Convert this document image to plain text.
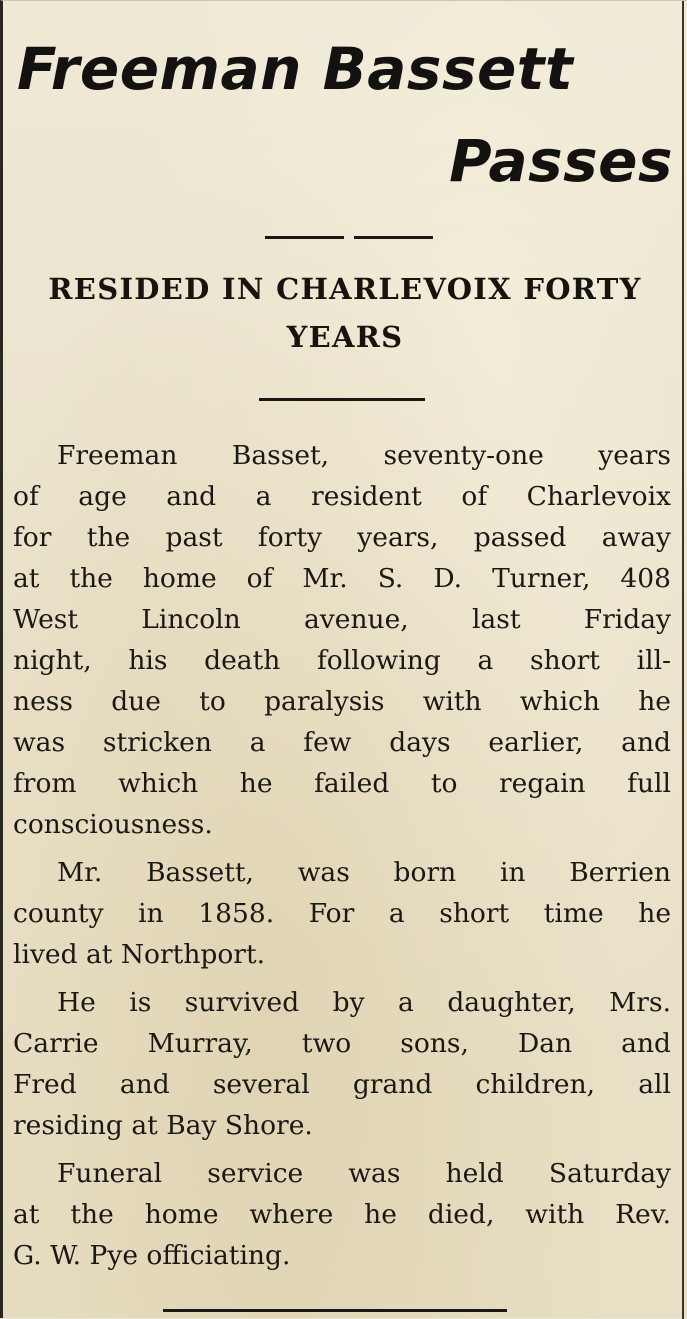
Freeman Bassett
Passes
RESIDED IN CHARLEVOIX FORTY
YEARS

Freeman Basset, seventy-one years
of age and a resident of Charlevoix
for the past forty years, passed away
at the home of Mr. S. D. Turner, 408
West Lincoln avenue, last Friday
night, his death following a short ill-
ness due to paralysis with which he
was stricken a few days earlier, and
from which he failed to regain full
consciousness.

Mr. Bassett, was born in Berrien
county in 1858. For a short time he
lived at Northport.

He is survived by a daughter, Mrs.
Carrie Murray, two sons, Dan and
Fred and several grand children, all
residing at Bay Shore.

Funeral service was held Saturday
at the home where he died, with Rev.
G. W. Pye officiating.
